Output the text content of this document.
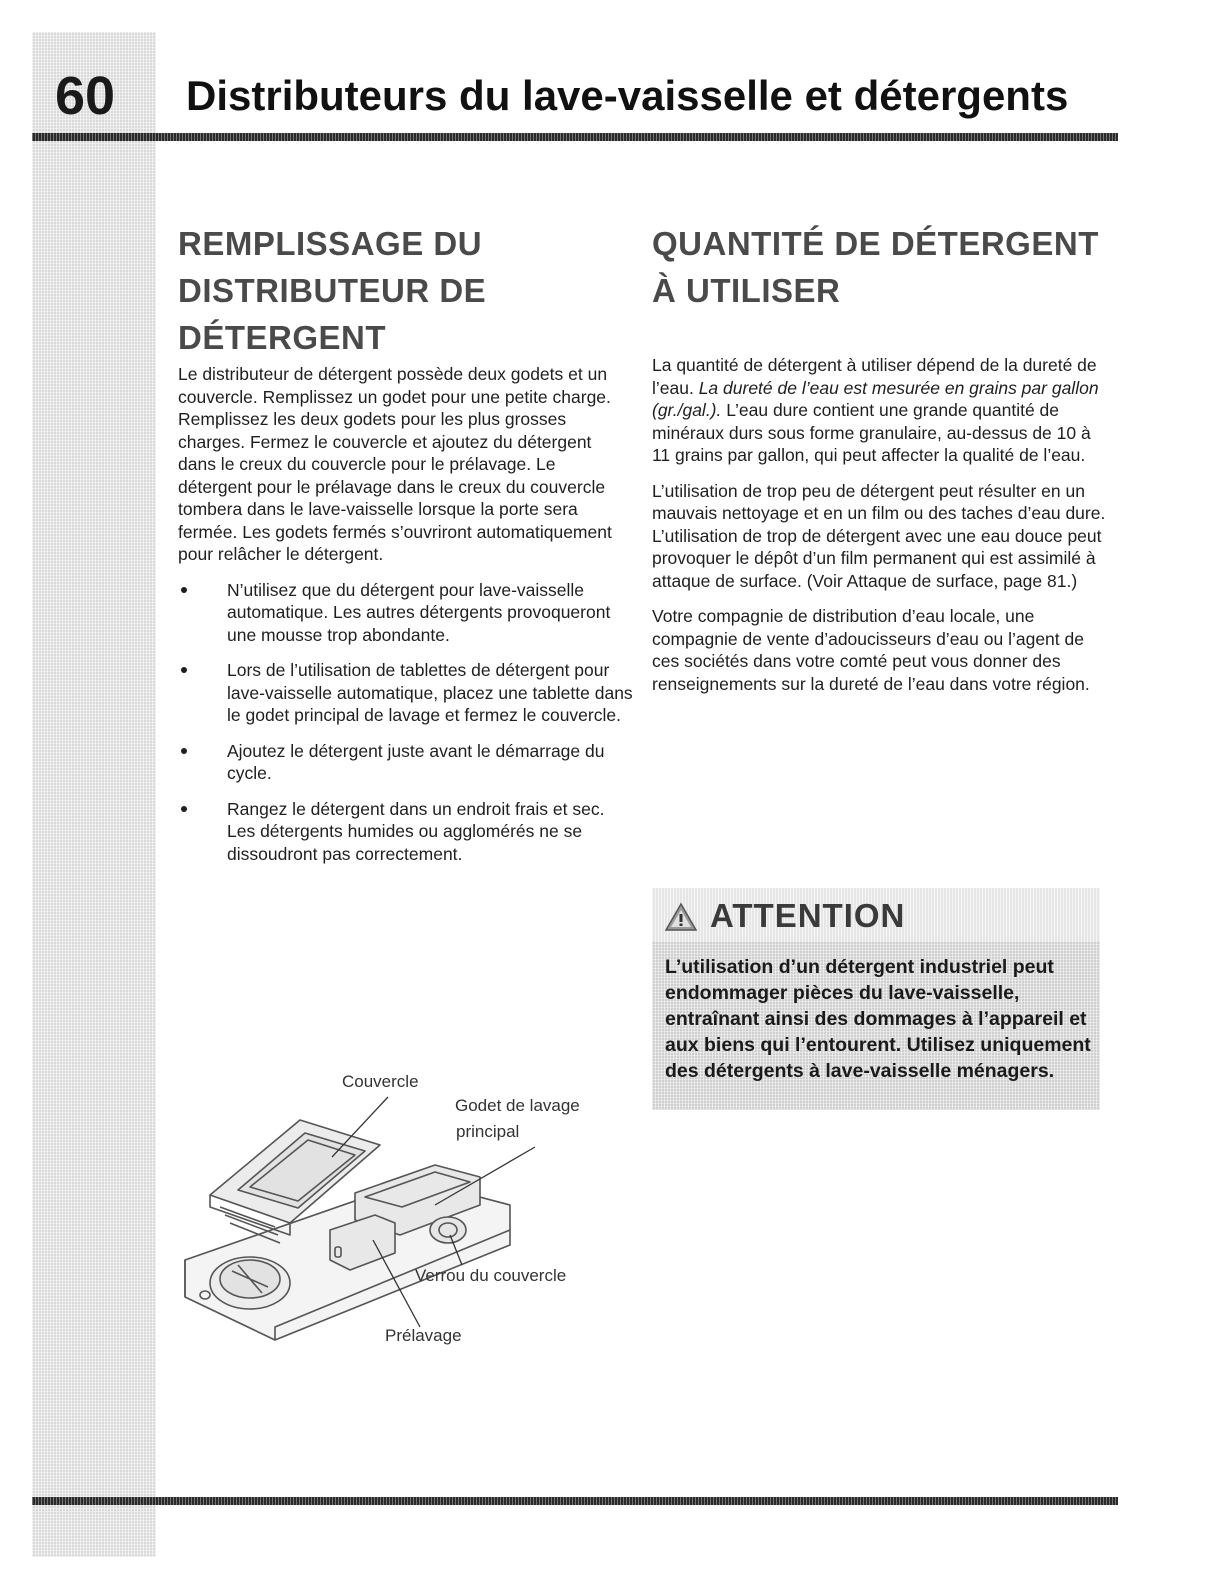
60	Distributeurs du lave-vaisselle et détergents
REMPLISSAGE DU DISTRIBUTEUR DE DÉTERGENT

Le distributeur de détergent possède deux godets et un couvercle. Remplissez un godet pour une petite charge. Remplissez les deux godets pour les plus grosses charges. Fermez le couvercle et ajoutez du détergent dans le creux du couvercle pour le prélavage. Le détergent pour le prélavage dans le creux du couvercle tombera dans le lave-vaisselle lorsque la porte sera fermée. Les godets fermés s’ouvriront automatiquement pour relâcher le détergent.

N’utilisez que du détergent pour lave-vaisselle automatique. Les autres détergents provoqueront une mousse trop abondante.
Lors de l’utilisation de tablettes de détergent pour lave-vaisselle automatique, placez une tablette dans le godet principal de lavage et fermez le couvercle.
Ajoutez le détergent juste avant le démarrage du cycle.
Rangez le détergent dans un endroit frais et sec. Les détergents humides ou agglomérés ne se dissoudront pas correctement.
QUANTITÉ DE DÉTERGENT À UTILISER

La quantité de détergent à utiliser dépend de la dureté de l’eau. La dureté de l’eau est mesurée en grains par gallon (gr./gal.). L’eau dure contient une grande quantité de minéraux durs sous forme granulaire, au-dessus de 10 à 11 grains par gallon, qui peut affecter la qualité de l’eau.

L’utilisation de trop peu de détergent peut résulter en un mauvais nettoyage et en un film ou des taches d’eau dure. L’utilisation de trop de détergent avec une eau douce peut provoquer le dépôt d’un film permanent qui est assimilé à attaque de surface. (Voir Attaque de surface, page 81.)

Votre compagnie de distribution d’eau locale, une compagnie de vente d’adoucisseurs d’eau ou l’agent de ces sociétés dans votre comté peut vous donner des renseignements sur la dureté de l’eau dans votre région.

ATTENTION

L’utilisation d’un détergent industriel peut endommager pièces du lave-vaisselle, entraînant ainsi des dommages à l’appareil et aux biens qui l’entourent. Utilisez uniquement des détergents à lave-vaisselle ménagers.

Couvercle
Godet de lavage
principal
Verrou du couvercle
Prélavage
